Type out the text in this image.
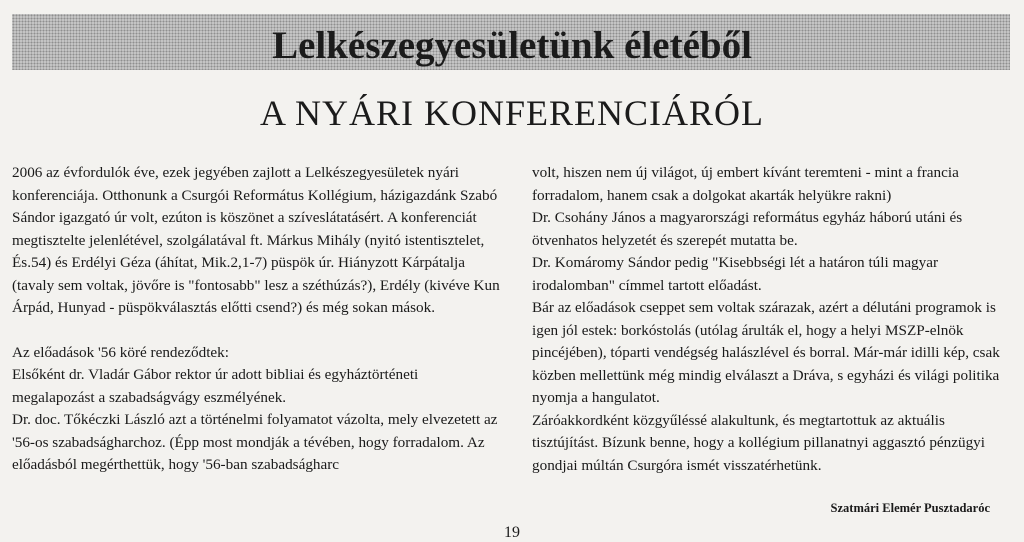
Lelkészegyesületünk életéből
A NYÁRI KONFERENCIÁRÓL

2006 az évfordulók éve, ezek jegyében zajlott a Lelkészegyesületek nyári konferenciája. Otthonunk a Csurgói Református Kollégium, házigazdánk Szabó Sándor igazgató úr volt, ezúton is köszönet a szíveslátatásért. A konferenciát megtisztelte jelenlétével, szolgálatával ft. Márkus Mihály (nyitó istentisztelet, És.54) és Erdélyi Géza (áhítat, Mik.2,1-7) püspök úr. Hiányzott Kárpátalja (tavaly sem voltak, jövőre is "fontosabb" lesz a széthúzás?), Erdély (kivéve Kun Árpád, Hunyad - püspökválasztás előtti csend?) és még sokan mások.

Az előadások '56 köré rendeződtek:

Elsőként dr. Vladár Gábor rektor úr adott bibliai és egyháztörténeti megalapozást a szabadságvágy eszmélyének.

Dr. doc. Tőkéczki László azt a történelmi folyamatot vázolta, mely elvezetett az '56-os szabadságharchoz. (Épp most mondják a tévében, hogy forradalom. Az előadásból megérthettük, hogy '56-ban szabadságharc

volt, hiszen nem új világot, új embert kívánt teremteni - mint a francia forradalom, hanem csak a dolgokat akarták helyükre rakni)

Dr. Csohány János a magyarországi református egyház háború utáni és ötvenhatos helyzetét és szerepét mutatta be.

Dr. Komáromy Sándor pedig "Kisebbségi lét a határon túli magyar irodalomban" címmel tartott előadást.

Bár az előadások cseppet sem voltak szárazak, azért a délutáni programok is igen jól estek: borkóstolás (utólag árulták el, hogy a helyi MSZP-elnök pincéjében), tóparti vendégség halászlével és borral. Már-már idilli kép, csak közben mellettünk még mindig elválaszt a Dráva, s egyházi és világi politika nyomja a hangulatot.

Záróakkordként közgyűléssé alakultunk, és megtartottuk az aktuális tisztújítást. Bízunk benne, hogy a kollégium pillanatnyi aggasztó pénzügyi gondjai múltán Csurgóra ismét visszatérhetünk.

Szatmári Elemér Pusztadaróc
19
